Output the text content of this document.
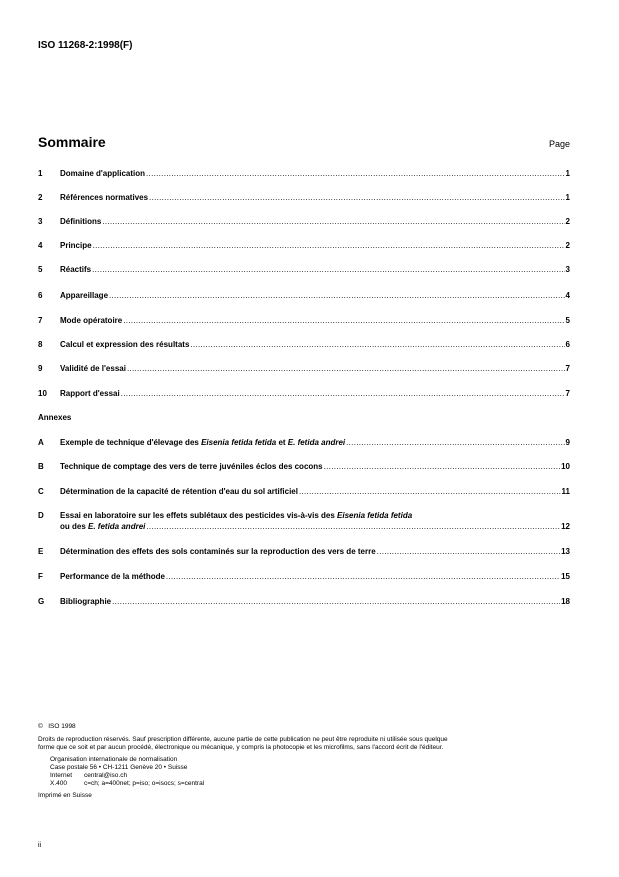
ISO 11268-2:1998(F)
Sommaire	Page
1 Domaine d'application .....	1
2 Références normatives .....	1
3 Définitions .....	2
4 Principe .....	2
5 Réactifs .....	3
6 Appareillage .....	4
7 Mode opératoire .....	5
8 Calcul et expression des résultats .....	6
9 Validité de l'essai .....	7
10 Rapport d'essai .....	7
Annexes
A Exemple de technique d'élevage des Eisenia fetida fetida et E. fetida andrei .....	9
B Technique de comptage des vers de terre juvéniles éclos des cocons .....	10
C Détermination de la capacité de rétention d'eau du sol artificiel .....	11
D Essai en laboratoire sur les effets sublétaux des pesticides vis-à-vis des Eisenia fetida fetida
ou des E. fetida andrei .....	12
E Détermination des effets des sols contaminés sur la reproduction des vers de terre .....	13
F Performance de la méthode .....	15
G Bibliographie .....	18
©   ISO 1998
Droits de reproduction réservés. Sauf prescription différente, aucune partie de cette publication ne peut être reproduite ni utilisée sous quelque
forme que ce soit et par aucun procédé, électronique ou mécanique, y compris la photocopie et les microfilms, sans l'accord écrit de l'éditeur.
Organisation internationale de normalisation
Case postale 56 • CH-1211 Genève 20 • Suisse
Internet central@iso.ch
X.400	c=ch; a=400net; p=iso; o=isocs; s=central
Imprimé en Suisse
ii
